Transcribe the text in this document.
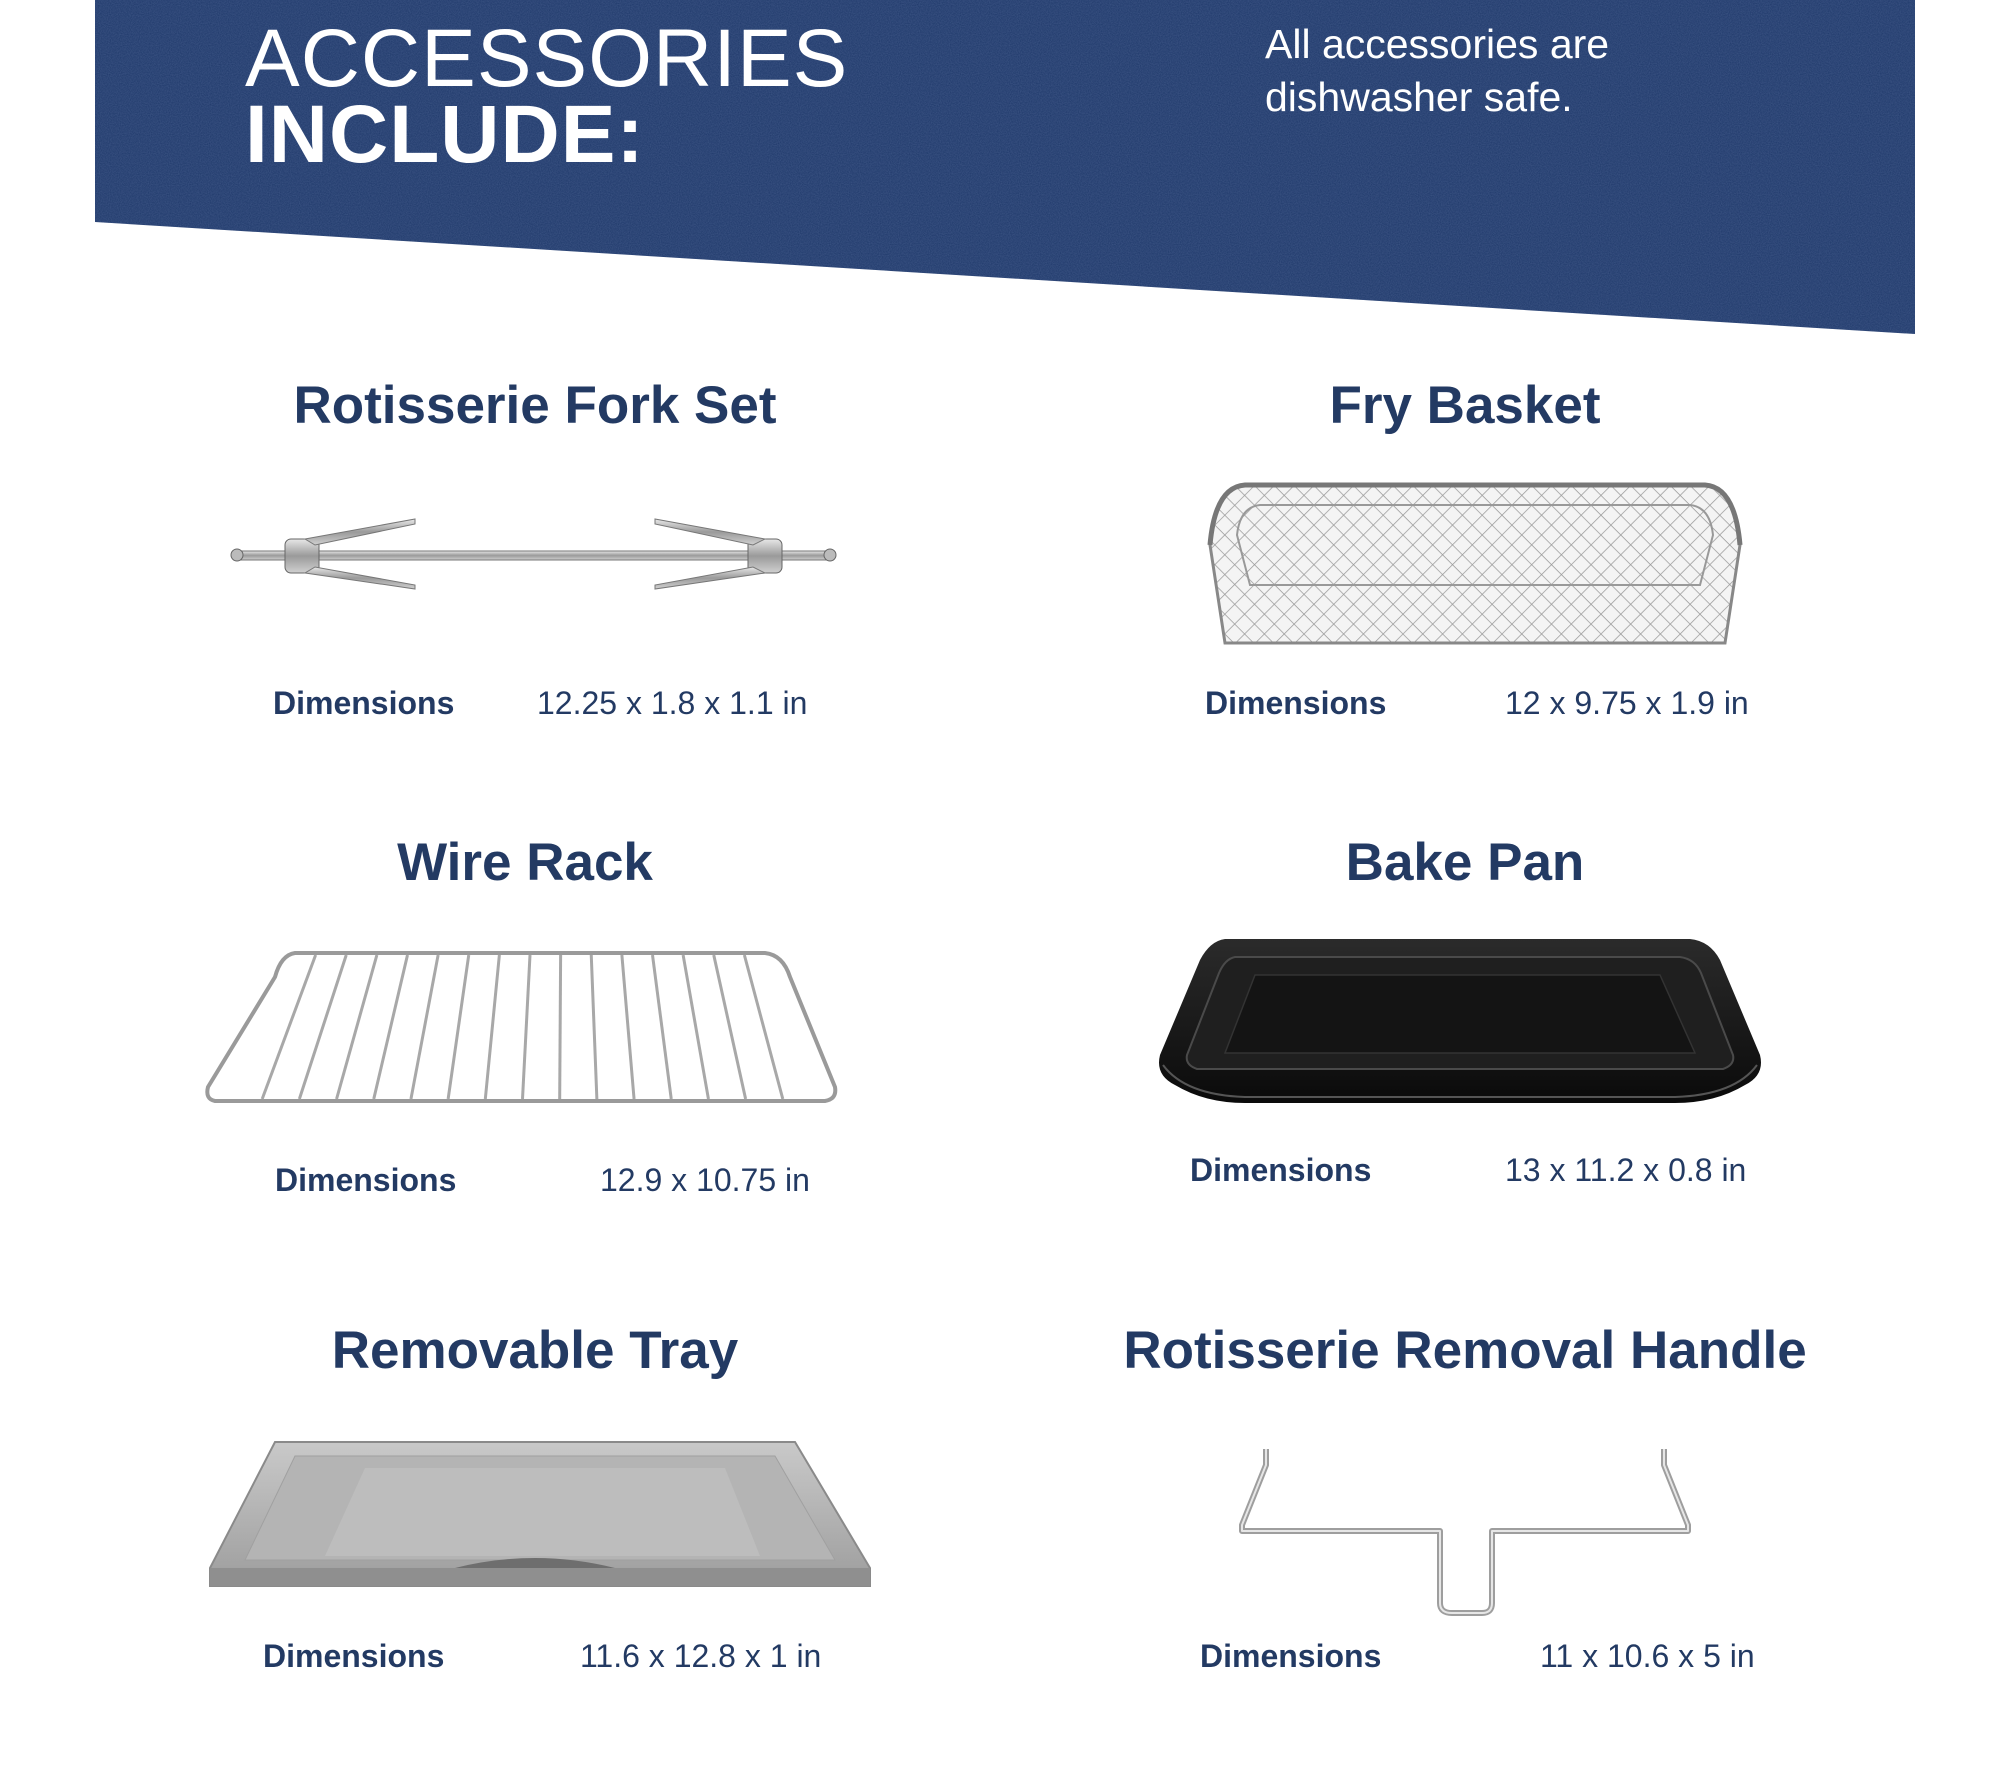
ACCESSORIES
INCLUDE:
All accessories are
dishwasher safe.
Rotisserie Fork Set
Dimensions	12.25 x 1.8 x 1.1 in
Fry Basket
Dimensions	12 x 9.75 x 1.9 in
Wire Rack
Dimensions	12.9 x 10.75 in
Bake Pan
Dimensions	13 x 11.2 x 0.8 in
Removable Tray
Dimensions	11.6 x 12.8 x 1 in
Rotisserie Removal Handle
Dimensions	11 x 10.6 x 5 in
